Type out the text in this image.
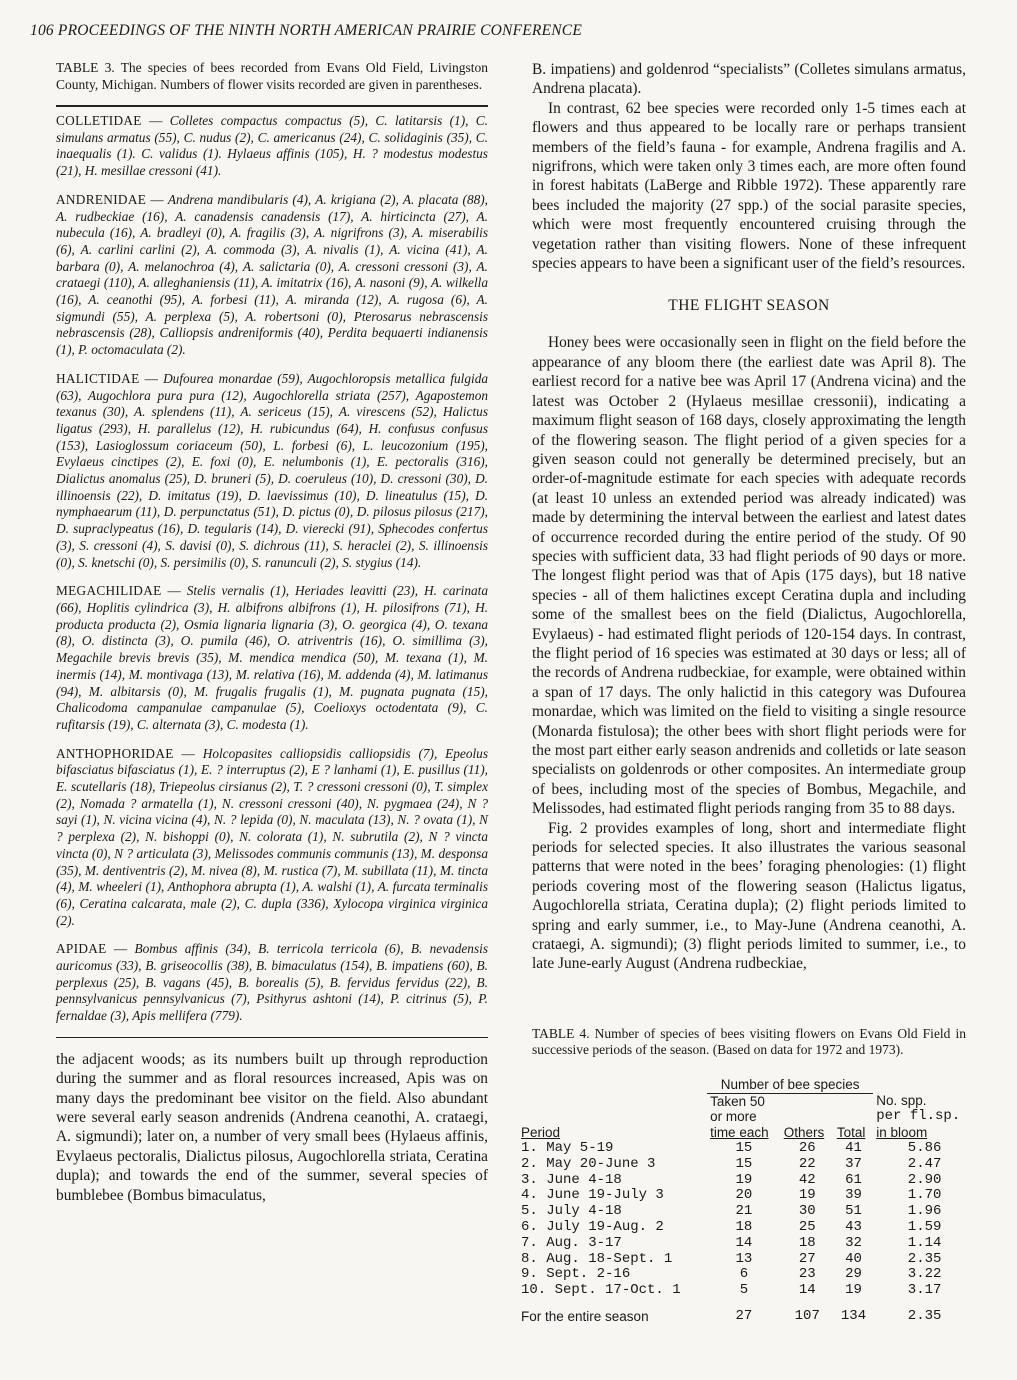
106 PROCEEDINGS OF THE NINTH NORTH AMERICAN PRAIRIE CONFERENCE

TABLE 3. The species of bees recorded from Evans Old Field, Livingston County, Michigan. Numbers of flower visits recorded are given in parentheses.

COLLETIDAE — Colletes compactus compactus (5), C. latitarsis (1), C. simulans armatus (55), C. nudus (2), C. americanus (24), C. solidaginis (35), C. inaequalis (1). C. validus (1). Hylaeus affinis (105), H. ? modestus modestus (21), H. mesillae cressoni (41).

ANDRENIDAE — Andrena mandibularis (4), A. krigiana (2), A. placata (88), A. rudbeckiae (16), A. canadensis canadensis (17), A. hirticincta (27), A. nubecula (16), A. bradleyi (0), A. fragilis (3), A. nigrifrons (3), A. miserabilis (6), A. carlini carlini (2), A. commoda (3), A. nivalis (1), A. vicina (41), A. barbara (0), A. melanochroa (4), A. salictaria (0), A. cressoni cressoni (3), A. crataegi (110), A. alleghaniensis (11), A. imitatrix (16), A. nasoni (9), A. wilkella (16), A. ceanothi (95), A. forbesi (11), A. miranda (12), A. rugosa (6), A. sigmundi (55), A. perplexa (5), A. robertsoni (0), Pterosarus nebrascensis nebrascensis (28), Calliopsis andreniformis (40), Perdita bequaerti indianensis (1), P. octomaculata (2).

HALICTIDAE — Dufourea monardae (59), Augochloropsis metallica fulgida (63), Augochlora pura pura (12), Augochlorella striata (257), Agapostemon texanus (30), A. splendens (11), A. sericeus (15), A. virescens (52), Halictus ligatus (293), H. parallelus (12), H. rubicundus (64), H. confusus confusus (153), Lasioglossum coriaceum (50), L. forbesi (6), L. leucozonium (195), Evylaeus cinctipes (2), E. foxi (0), E. nelumbonis (1), E. pectoralis (316), Dialictus anomalus (25), D. bruneri (5), D. coeruleus (10), D. cressoni (30), D. illinoensis (22), D. imitatus (19), D. laevissimus (10), D. lineatulus (15), D. nymphaearum (11), D. perpunctatus (51), D. pictus (0), D. pilosus pilosus (217), D. supraclypeatus (16), D. tegularis (14), D. vierecki (91), Sphecodes confertus (3), S. cressoni (4), S. davisi (0), S. dichrous (11), S. heraclei (2), S. illinoensis (0), S. knetschi (0), S. persimilis (0), S. ranunculi (2), S. stygius (14).

MEGACHILIDAE — Stelis vernalis (1), Heriades leavitti (23), H. carinata (66), Hoplitis cylindrica (3), H. albifrons albifrons (1), H. pilosifrons (71), H. producta producta (2), Osmia lignaria lignaria (3), O. georgica (4), O. texana (8), O. distincta (3), O. pumila (46), O. atriventris (16), O. simillima (3), Megachile brevis brevis (35), M. mendica mendica (50), M. texana (1), M. inermis (14), M. montivaga (13), M. relativa (16), M. addenda (4), M. latimanus (94), M. albitarsis (0), M. frugalis frugalis (1), M. pugnata pugnata (15), Chalicodoma campanulae campanulae (5), Coelioxys octodentata (9), C. rufitarsis (19), C. alternata (3), C. modesta (1).

ANTHOPHORIDAE — Holcopasites calliopsidis calliopsidis (7), Epeolus bifasciatus bifasciatus (1), E. ? interruptus (2), E ? lanhami (1), E. pusillus (11), E. scutellaris (18), Triepeolus cirsianus (2), T. ? cressoni cressoni (0), T. simplex (2), Nomada ? armatella (1), N. cressoni cressoni (40), N. pygmaea (24), N ? sayi (1), N. vicina vicina (4), N. ? lepida (0), N. maculata (13), N. ? ovata (1), N ? perplexa (2), N. bishoppi (0), N. colorata (1), N. subrutila (2), N ? vincta vincta (0), N ? articulata (3), Melissodes communis communis (13), M. desponsa (35), M. dentiventris (2), M. nivea (8), M. rustica (7), M. subillata (11), M. tincta (4), M. wheeleri (1), Anthophora abrupta (1), A. walshi (1), A. furcata terminalis (6), Ceratina calcarata, male (2), C. dupla (336), Xylocopa virginica virginica (2).

APIDAE — Bombus affinis (34), B. terricola terricola (6), B. nevadensis auricomus (33), B. griseocollis (38), B. bimaculatus (154), B. impatiens (60), B. perplexus (25), B. vagans (45), B. borealis (5), B. fervidus fervidus (22), B. pennsylvanicus pennsylvanicus (7), Psithyrus ashtoni (14), P. citrinus (5), P. fernaldae (3), Apis mellifera (779).

the adjacent woods; as its numbers built up through reproduction during the summer and as floral resources increased, Apis was on many days the predominant bee visitor on the field. Also abundant were several early season andrenids (Andrena ceanothi, A. crataegi, A. sigmundi); later on, a number of very small bees (Hylaeus affinis, Evylaeus pectoralis, Dialictus pilosus, Augochlorella striata, Ceratina dupla); and towards the end of the summer, several species of bumblebee (Bombus bimaculatus,

B. impatiens) and goldenrod “specialists” (Colletes simulans armatus, Andrena placata).

In contrast, 62 bee species were recorded only 1-5 times each at flowers and thus appeared to be locally rare or perhaps transient members of the field’s fauna - for example, Andrena fragilis and A. nigrifrons, which were taken only 3 times each, are more often found in forest habitats (LaBerge and Ribble 1972). These apparently rare bees included the majority (27 spp.) of the social parasite species, which were most frequently encountered cruising through the vegetation rather than visiting flowers. None of these infrequent species appears to have been a significant user of the field’s resources.

THE FLIGHT SEASON

Honey bees were occasionally seen in flight on the field before the appearance of any bloom there (the earliest date was April 8). The earliest record for a native bee was April 17 (Andrena vicina) and the latest was October 2 (Hylaeus mesillae cressonii), indicating a maximum flight season of 168 days, closely approximating the length of the flowering season. The flight period of a given species for a given season could not generally be determined precisely, but an order-of-magnitude estimate for each species with adequate records (at least 10 unless an extended period was already indicated) was made by determining the interval between the earliest and latest dates of occurrence recorded during the entire period of the study. Of 90 species with sufficient data, 33 had flight periods of 90 days or more. The longest flight period was that of Apis (175 days), but 18 native species - all of them halictines except Ceratina dupla and including some of the smallest bees on the field (Dialictus, Augochlorella, Evylaeus) - had estimated flight periods of 120-154 days. In contrast, the flight period of 16 species was estimated at 30 days or less; all of the records of Andrena rudbeckiae, for example, were obtained within a span of 17 days. The only halictid in this category was Dufourea monardae, which was limited on the field to visiting a single resource (Monarda fistulosa); the other bees with short flight periods were for the most part either early season andrenids and colletids or late season specialists on goldenrods or other composites. An intermediate group of bees, including most of the species of Bombus, Megachile, and Melissodes, had estimated flight periods ranging from 35 to 88 days.

Fig. 2 provides examples of long, short and intermediate flight periods for selected species. It also illustrates the various seasonal patterns that were noted in the bees’ foraging phenologies: (1) flight periods covering most of the flowering season (Halictus ligatus, Augochlorella striata, Ceratina dupla); (2) flight periods limited to spring and early summer, i.e., to May-June (Andrena ceanothi, A. crataegi, A. sigmundi); (3) flight periods limited to summer, i.e., to late June-early August (Andrena rudbeckiae,

TABLE 4. Number of species of bees visiting flowers on Evans Old Field in successive periods of the season. (Based on data for 1972 and 1973).

	Number of bee species			
	Taken 50			No. spp.
	or more			per fl.sp.
Period	time each	Others	Total	in bloom
1. May 5-19	15	26	41	5.86
2. May 20-June 3	15	22	37	2.47
3. June 4-18	19	42	61	2.90
4. June 19-July 3	20	19	39	1.70
5. July 4-18	21	30	51	1.96
6. July 19-Aug. 2	18	25	43	1.59
7. Aug. 3-17	14	18	32	1.14
8. Aug. 18-Sept. 1	13	27	40	2.35
9. Sept. 2-16	6	23	29	3.22
10. Sept. 17-Oct. 1	5	14	19	3.17
For the entire season	27	107	134	2.35
